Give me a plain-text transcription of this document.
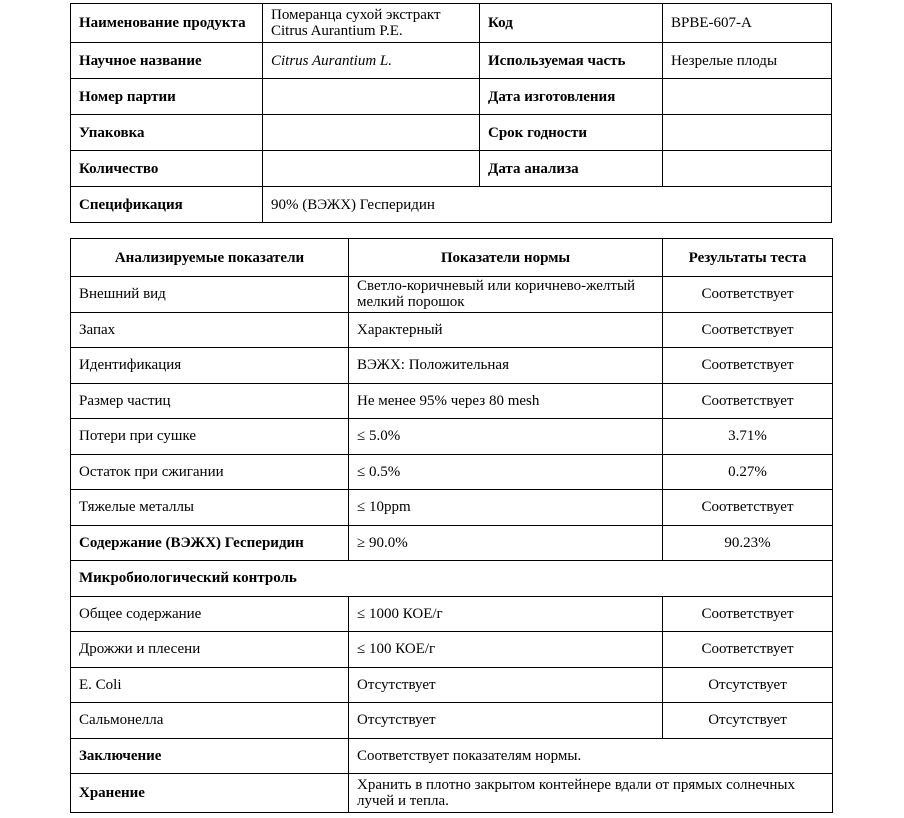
Наименование продукта	Померанца сухой экстракт Citrus Aurantium P.E.	Код	BPBE-607-A
Научное название	Citrus Aurantium L.	Используемая часть	Незрелые плоды
Номер партии		Дата изготовления	
Упаковка		Срок годности	
Количество		Дата анализа	
Спецификация	90% (ВЭЖХ) Гесперидин		
Анализируемые показатели	Показатели нормы	Результаты теста
Внешний вид	Светло-коричневый или коричнево-желтый мелкий порошок	Соответствует
Запах	Характерный	Соответствует
Идентификация	ВЭЖХ: Положительная	Соответствует
Размер частиц	Не менее 95% через 80 mesh	Соответствует
Потери при сушке	≤ 5.0%	3.71%
Остаток при сжигании	≤ 0.5%	0.27%
Тяжелые металлы	≤ 10ppm	Соответствует
Содержание (ВЭЖХ) Гесперидин	≥ 90.0%	90.23%
Микробиологический контроль		
Общее содержание	≤ 1000 КОЕ/г	Соответствует
Дрожжи и плесени	≤ 100 КОЕ/г	Соответствует
E. Coli	Отсутствует	Отсутствует
Сальмонелла	Отсутствует	Отсутствует
Заключение	Соответствует показателям нормы.	
Хранение	Хранить в плотно закрытом контейнере вдали от прямых солнечных лучей и тепла.	
